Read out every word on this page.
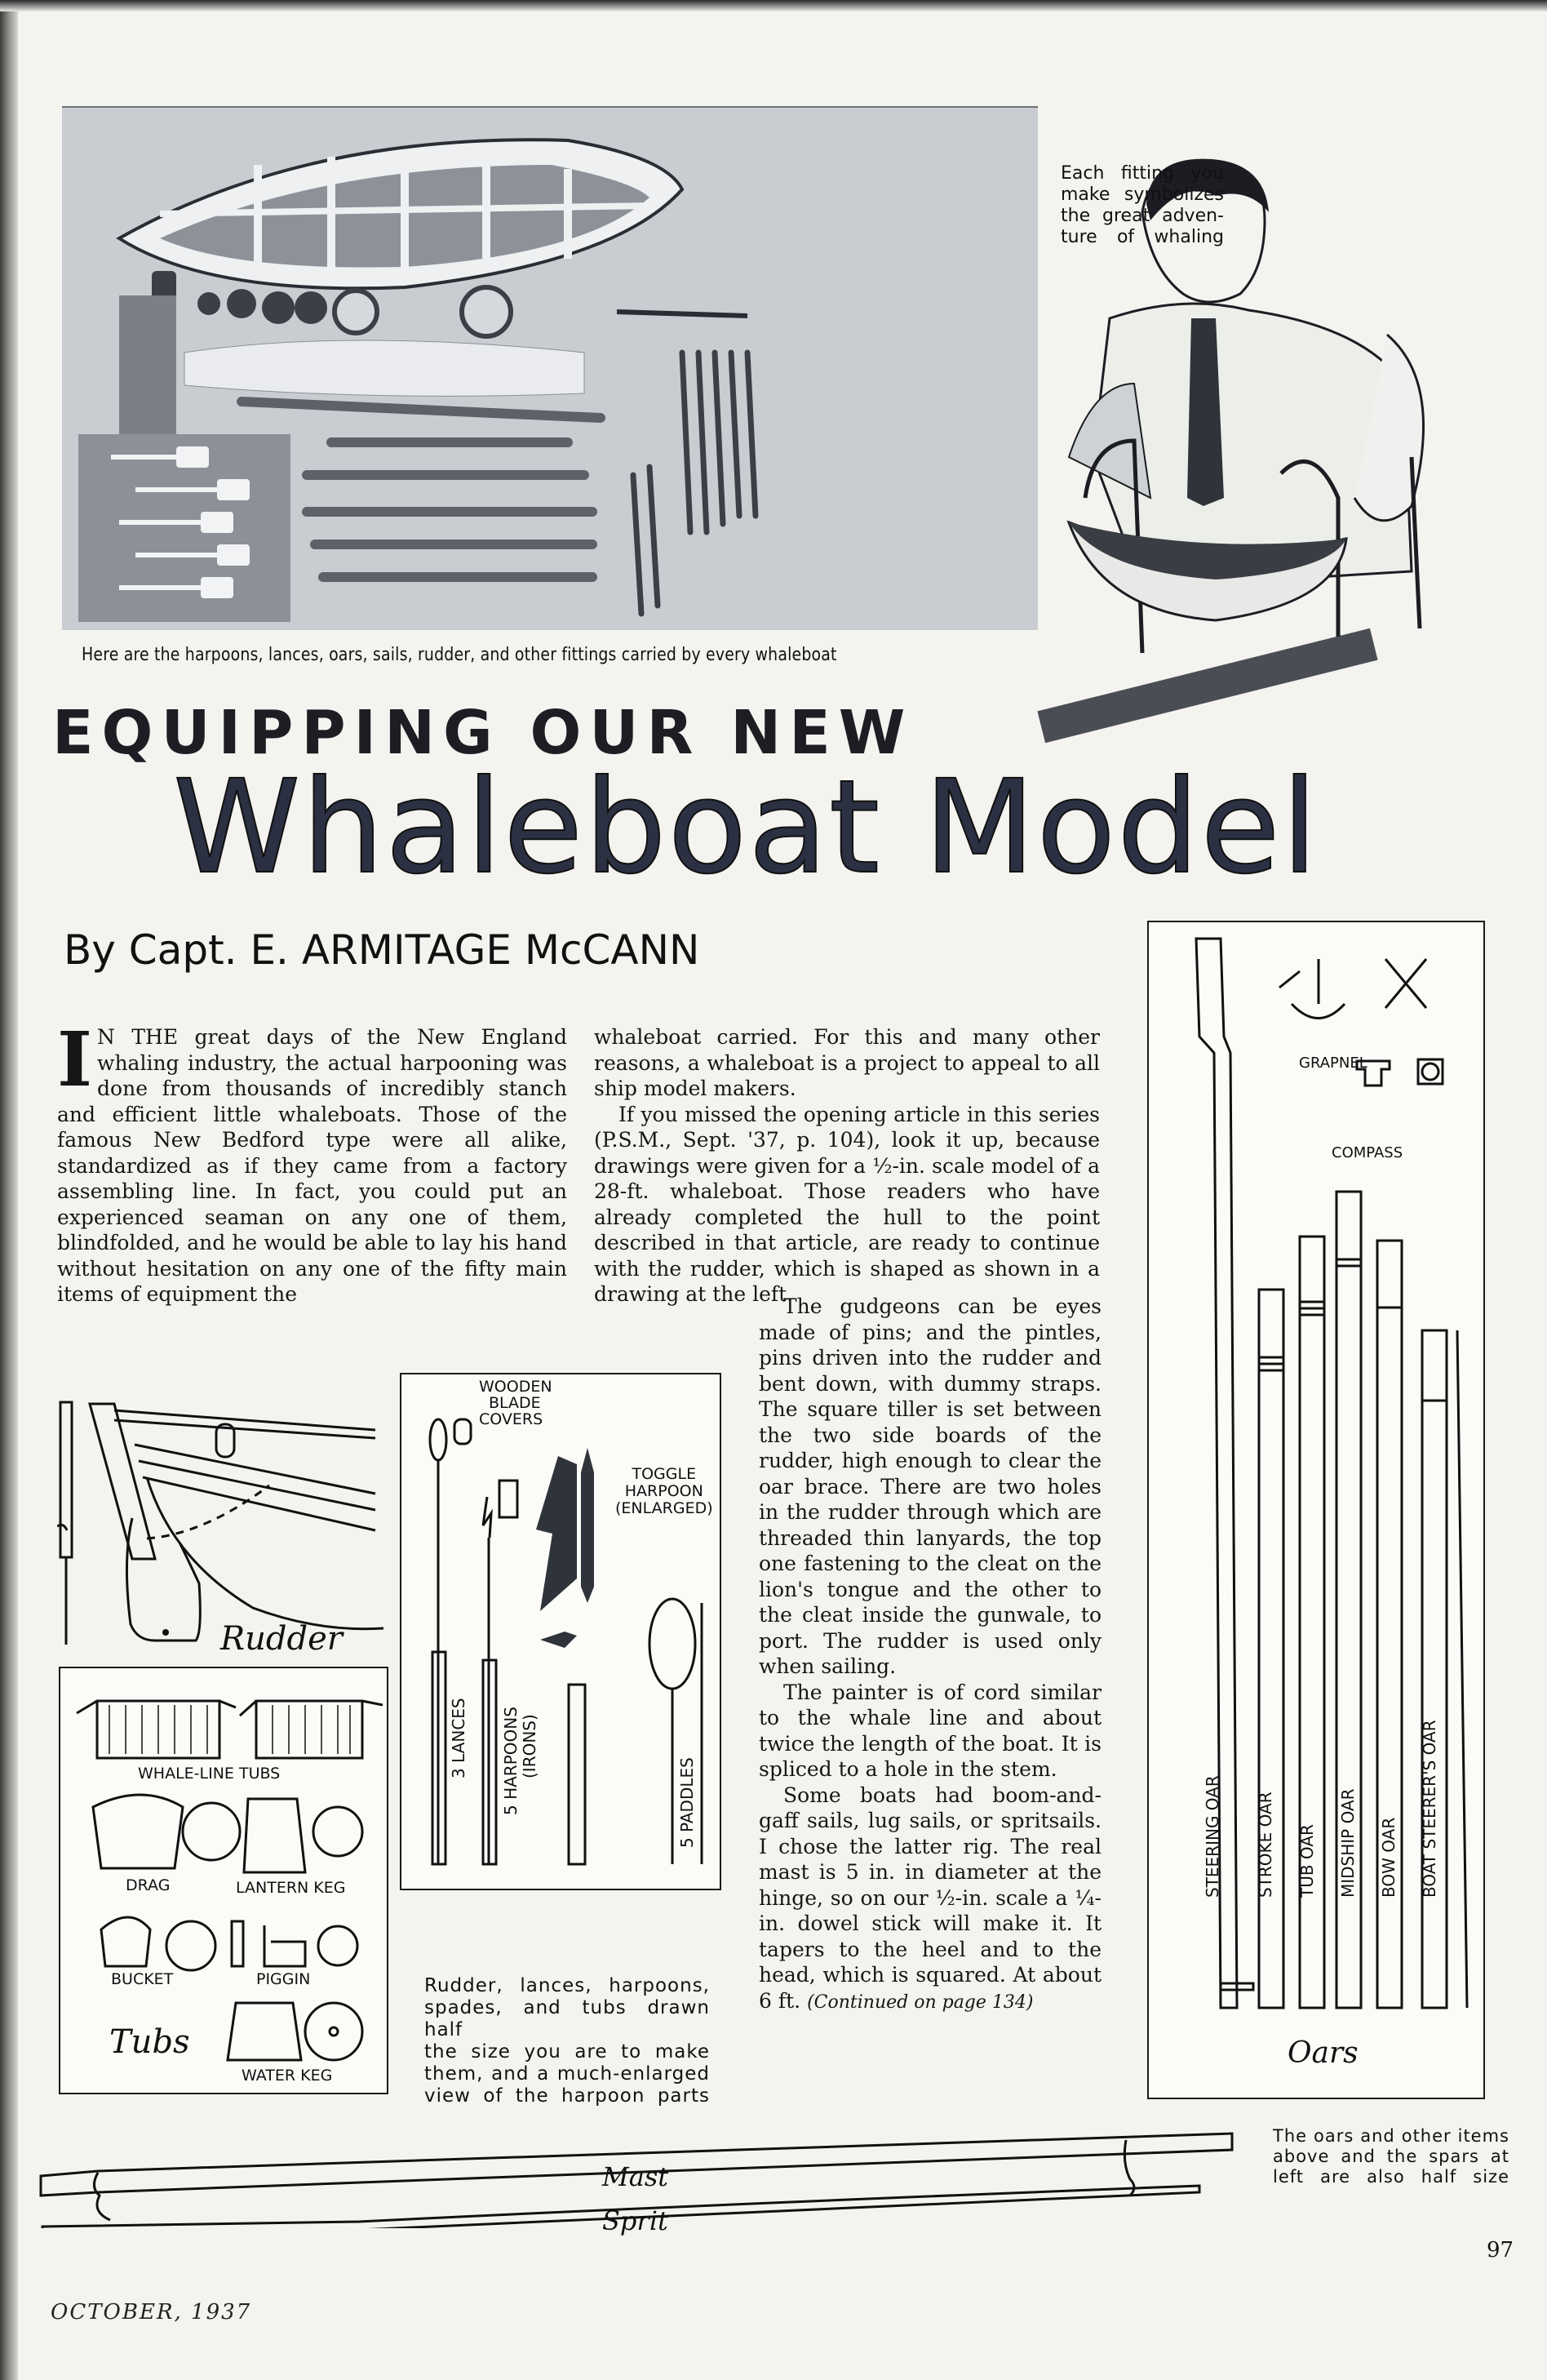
Here are the harpoons, lances, oars, sails, rudder, and other fittings carried by every whaleboat
Each fitting you
make symbolizes
the great adven-
ture of whaling
EQUIPPING OUR NEW
Whaleboat Model
By Capt. E. ARMITAGE McCANN
I N THE great days of the New England whaling industry, the actual harpooning was done from thousands of incredibly stanch and efficient little whaleboats. Those of the famous New Bedford type were all alike, standardized as if they came from a factory assembling line. In fact, you could put an experienced seaman on any one of them, blindfolded, and he would be able to lay his hand without hesitation on any one of the fifty main items of equipment the

whaleboat carried. For this and many other reasons, a whaleboat is a project to appeal to all ship model makers.

If you missed the opening article in this series (P.S.M., Sept. '37, p. 104), look it up, because drawings were given for a ½-in. scale model of a 28-ft. whaleboat. Those readers who have already completed the hull to the point described in that article, are ready to continue with the rudder, which is shaped as shown in a drawing at the left.

The gudgeons can be eyes made of pins; and the pintles, pins driven into the rudder and bent down, with dummy straps. The square tiller is set between the two side boards of the rudder, high enough to clear the oar brace. There are two holes in the rudder through which are threaded thin lanyards, the top one fastening to the cleat on the lion's tongue and the other to the cleat inside the gunwale, to port. The rudder is used only when sailing.

The painter is of cord similar to the whale line and about twice the length of the boat. It is spliced to a hole in the stem.

Some boats had boom-and-gaff sails, lug sails, or spritsails. I chose the latter rig. The real mast is 5 in. in diameter at the hinge, so on our ½-in. scale a ¼-in. dowel stick will make it. It tapers to the heel and to the head, which is squared. At about 6 ft. (Continued on page 134)

Rudder
WHALE-LINE TUBS
DRAG	LANTERN KEG
BUCKET	PIGGIN
WATER KEG
Tubs
WOODEN
BLADE
COVERS
TOGGLE
HARPOON
(ENLARGED)
3 LANCES 5 HARPOONS (IRONS)
5 PADDLES
Rudder, lances, harpoons,
spades, and tubs drawn half
the size you are to make
them, and a much-enlarged
view of the harpoon parts
GRAPNEL
COMPASS
STEERING OAR STROKE OAR TUB OAR MIDSHIP OAR BOW OAR BOAT STEERER'S OAR
Oars
The oars and other items
above and the spars at
left are also half size
Mast
Sprit
OCTOBER, 1937
97
